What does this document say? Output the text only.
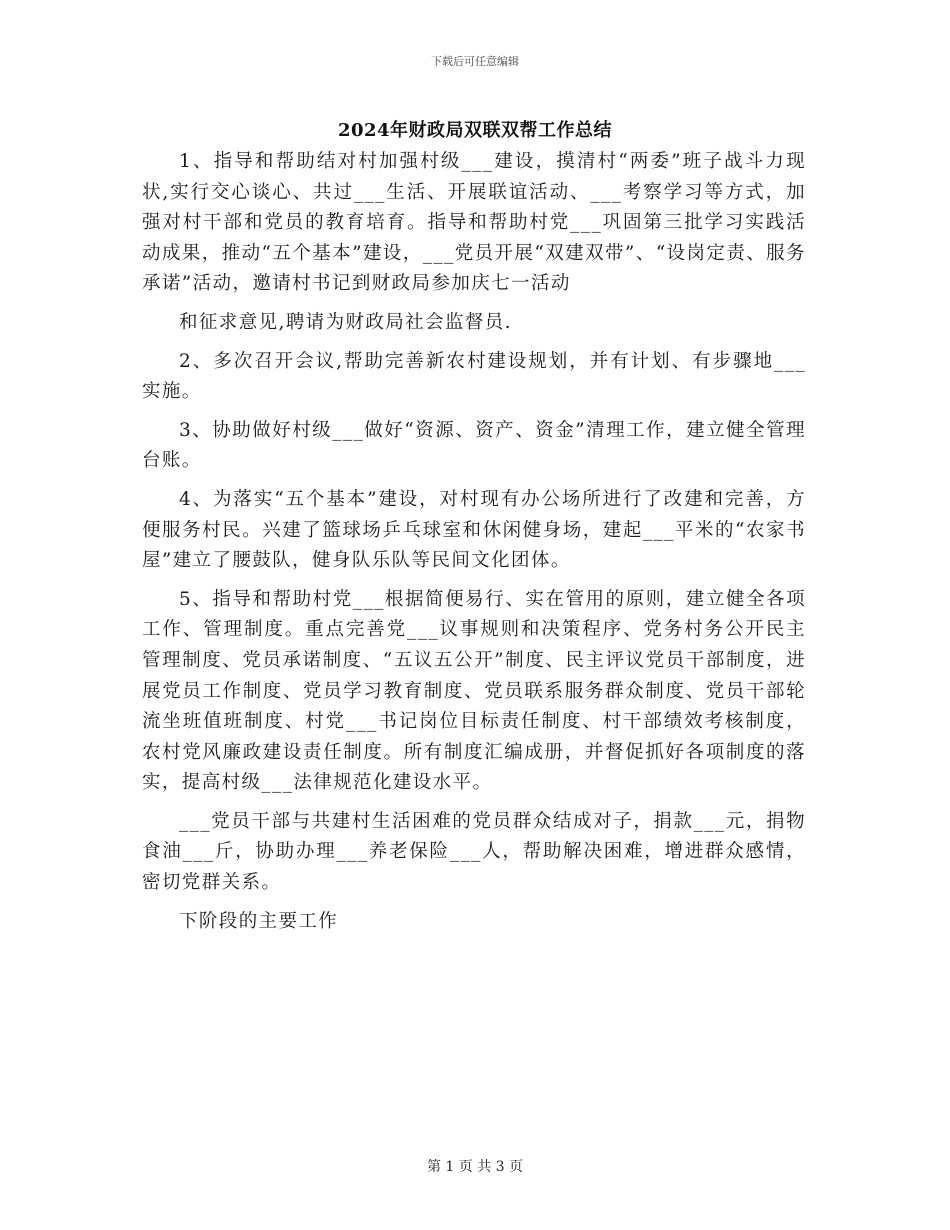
下载后可任意编辑
2024年财政局双联双帮工作总结

1、指导和帮助结对村加强村级___建设，摸清村“两委”班子战斗力现状,实行交心谈心、共过___生活、开展联谊活动、___考察学习等方式，加强对村干部和党员的教育培育。指导和帮助村党___巩固第三批学习实践活动成果，推动“五个基本”建设，___党员开展“双建双带”、“设岗定责、服务承诺”活动，邀请村书记到财政局参加庆七一活动

和征求意见,聘请为财政局社会监督员.

2、多次召开会议,帮助完善新农村建设规划，并有计划、有步骤地___实施。

3、协助做好村级___做好“资源、资产、资金”清理工作，建立健全管理台账。

4、为落实“五个基本”建设，对村现有办公场所进行了改建和完善，方便服务村民。兴建了篮球场乒乓球室和休闲健身场，建起___平米的“农家书屋”建立了腰鼓队，健身队乐队等民间文化团体。

5、指导和帮助村党___根据简便易行、实在管用的原则，建立健全各项工作、管理制度。重点完善党___议事规则和决策程序、党务村务公开民主管理制度、党员承诺制度、“五议五公开”制度、民主评议党员干部制度，进展党员工作制度、党员学习教育制度、党员联系服务群众制度、党员干部轮流坐班值班制度、村党___书记岗位目标责任制度、村干部绩效考核制度，农村党风廉政建设责任制度。所有制度汇编成册，并督促抓好各项制度的落实，提高村级___法律规范化建设水平。

___党员干部与共建村生活困难的党员群众结成对子，捐款___元，捐物食油___斤，协助办理___养老保险___人，帮助解决困难，增进群众感情，密切党群关系。

下阶段的主要工作

第 1 页 共 3 页
